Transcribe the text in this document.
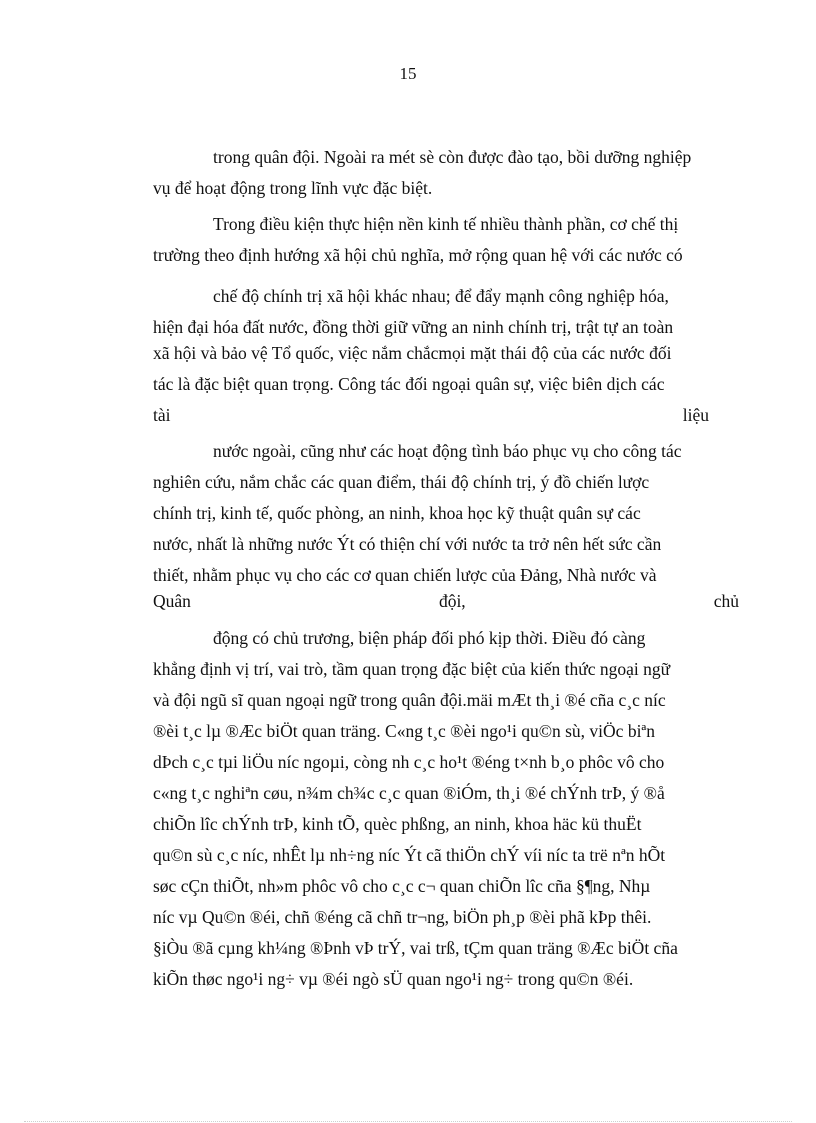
15
trong quân đội. Ngoài ra mét sè còn được đào tạo, bồi dưỡng nghiệp
vụ để hoạt động trong lĩnh vực đặc biệt.
Trong điều kiện thực hiện nền kinh tế nhiều thành phần, cơ chế thị
trường theo định hướng xã hội chủ nghĩa, mở rộng quan hệ với các nước có
chế độ chính trị xã hội khác nhau; để đẩy mạnh công nghiệp hóa,
hiện đại hóa đất nước, đồng thời giữ vững an ninh chính trị, trật tự an toàn
xã hội và bảo vệ Tổ quốc, việc nắm chắcmọi mặt thái độ của các nước đối
tác là đặc biệt quan trọng. Công tác đối ngoại quân sự, việc biên dịch các
tài	liệu
nước ngoài, cũng như các hoạt động tình báo phục vụ cho công tác
nghiên cứu, nắm chắc các quan điểm, thái độ chính trị, ý đồ chiến lược
chính trị, kinh tế, quốc phòng, an ninh, khoa học kỹ thuật quân sự các
nước, nhất là những nước Ýt có thiện chí với nước ta trở nên hết sức cần
thiết, nhằm phục vụ cho các cơ quan chiến lược của Đảng, Nhà nước và
Quân	đội,	chủ
động có chủ trương, biện pháp đối phó kịp thời. Điều đó càng
khẳng định vị trí, vai trò, tầm quan trọng đặc biệt của kiến thức ngoại ngữ
và đội ngũ sĩ quan ngoại ngữ trong quân đội.mäi mÆt th¸i ®é cña c¸c níc
®èi t¸c lµ ®Æc biÖt quan träng. C«ng t¸c ®èi ngo¹i qu©n sù, viÖc biªn
dÞch c¸c tµi liÖu níc ngoµi, còng nh c¸c ho¹t ®éng t×nh b¸o phôc vô cho
c«ng t¸c nghiªn cøu, n¾m ch¾c c¸c quan ®iÓm, th¸i ®é chÝnh trÞ, ý ®å
chiÕn lîc chÝnh trÞ, kinh tÕ, quèc phßng, an ninh, khoa häc kü thuËt
qu©n sù c¸c níc, nhÊt lµ nh÷ng níc Ýt cã thiÖn chÝ víi níc ta trë nªn hÕt
søc cÇn thiÕt, nh»m phôc vô cho c¸c c¬ quan chiÕn lîc cña §¶ng, Nhµ
níc vµ Qu©n ®éi, chñ ®éng cã chñ tr¬ng, biÖn ph¸p ®èi phã kÞp thêi.
§iÒu ®ã cµng kh¼ng ®Þnh vÞ trÝ, vai trß, tÇm quan träng ®Æc biÖt cña
kiÕn thøc ngo¹i ng÷ vµ ®éi ngò sÜ quan ngo¹i ng÷ trong qu©n ®éi.
